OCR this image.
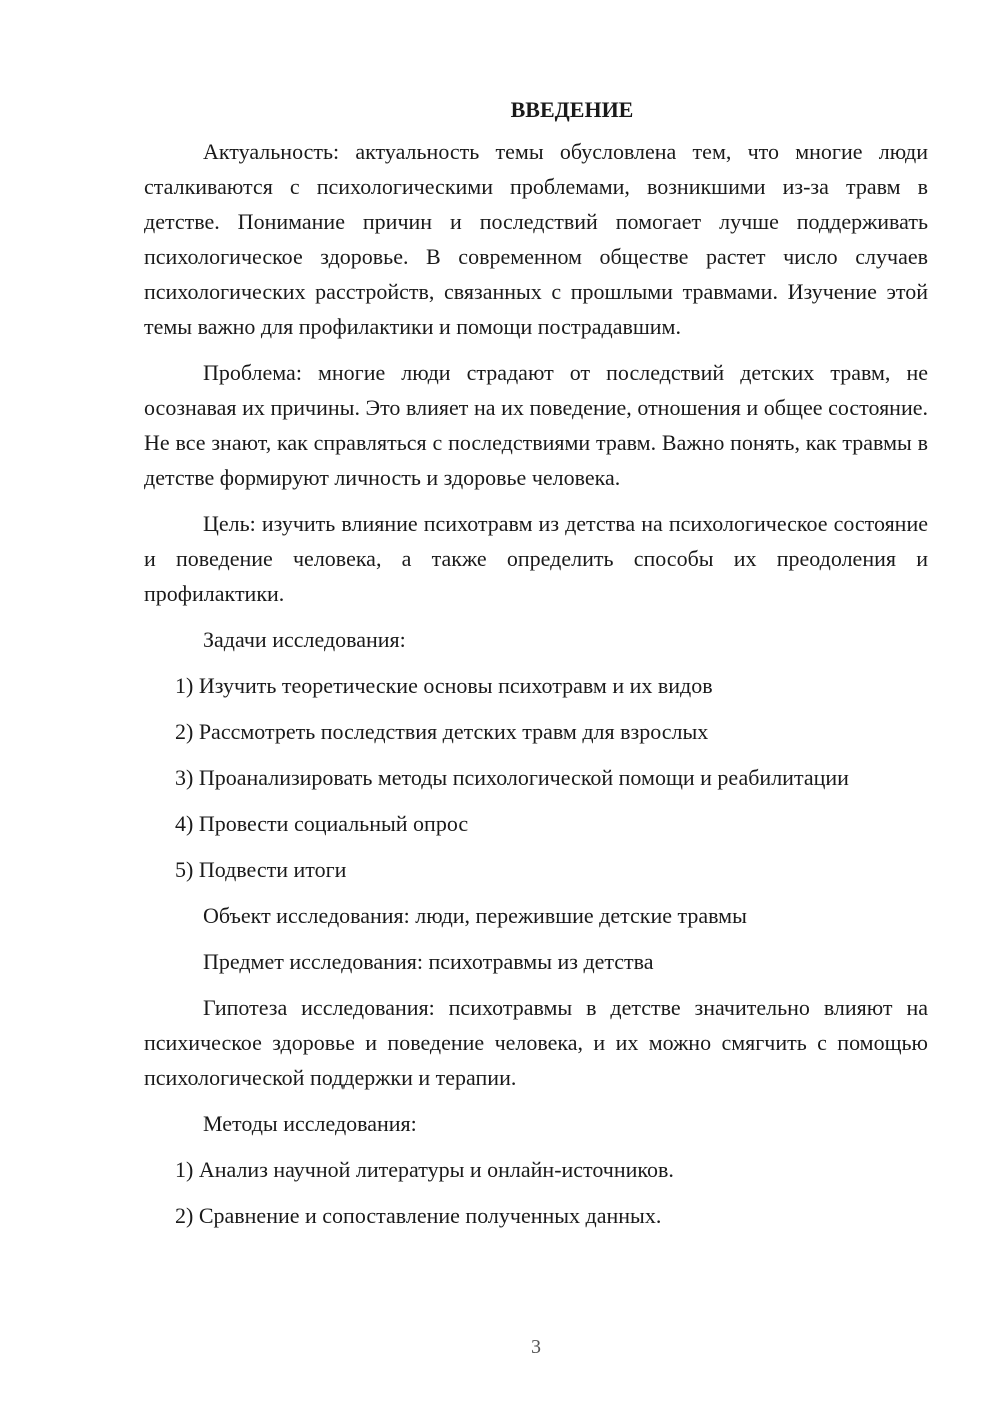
ВВЕДЕНИЕ

Актуальность: актуальность темы обусловлена тем, что многие люди сталкиваются с психологическими проблемами, возникшими из-за травм в детстве. Понимание причин и последствий помогает лучше поддерживать психологическое здоровье. В современном обществе растет число случаев психологических расстройств, связанных с прошлыми травмами. Изучение этой темы важно для профилактики и помощи пострадавшим.

Проблема: многие люди страдают от последствий детских травм, не осознавая их причины. Это влияет на их поведение, отношения и общее состояние. Не все знают, как справляться с последствиями травм. Важно понять, как травмы в детстве формируют личность и здоровье человека.

Цель: изучить влияние психотравм из детства на психологическое состояние и поведение человека, а также определить способы их преодоления и профилактики.

Задачи исследования:

1) Изучить теоретические основы психотравм и их видов

2) Рассмотреть последствия детских травм для взрослых

3) Проанализировать методы психологической помощи и реабилитации

4) Провести социальный опрос

5) Подвести итоги

Объект исследования: люди, пережившие детские травмы

Предмет исследования: психотравмы из детства

Гипотеза исследования: психотравмы в детстве значительно влияют на психическое здоровье и поведение человека, и их можно смягчить с помощью психологической поддержки и терапии.

Методы исследования:

1) Анализ научной литературы и онлайн-источников.

2) Сравнение и сопоставление полученных данных.

3
